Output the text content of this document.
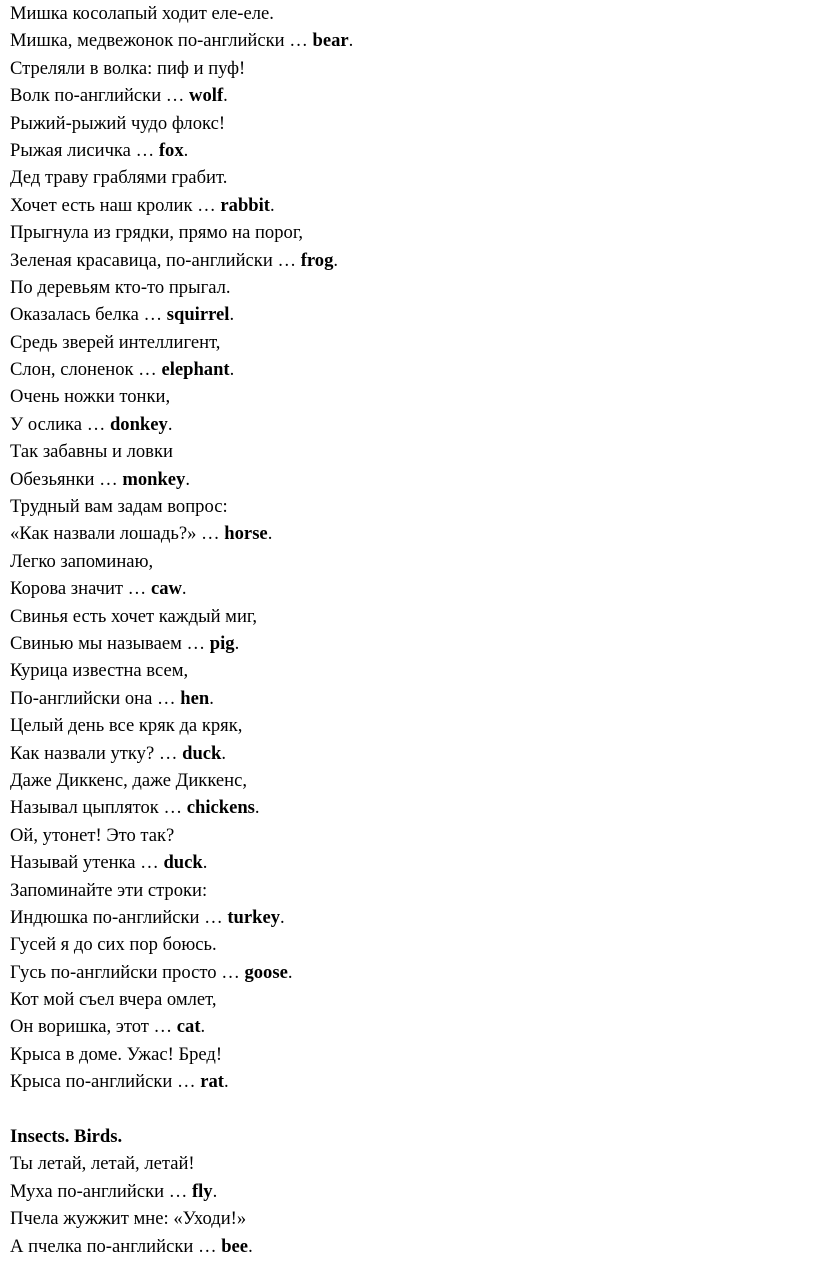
Мишка косолапый ходит еле-еле.
Мишка, медвежонок по-английски … bear.
Стреляли в волка: пиф и пуф!
Волк по-английски … wolf.
Рыжий-рыжий чудо флокс!
Рыжая лисичка … fox.
Дед траву граблями грабит.
Хочет есть наш кролик … rabbit.
Прыгнула из грядки, прямо на порог,
Зеленая красавица, по-английски … frog.
По деревьям кто-то прыгал.
Оказалась белка … squirrel.
Средь зверей интеллигент,
Слон, слоненок … elephant.
Очень ножки тонки,
У ослика … donkey.
Так забавны и ловки
Обезьянки … monkey.
Трудный вам задам вопрос:
«Как назвали лошадь?» … horse.
Легко запоминаю,
Корова значит … caw.
Свинья есть хочет каждый миг,
Свинью мы называем … pig.
Курица известна всем,
По-английски она … hen.
Целый день все кряк да кряк,
Как назвали утку? … duck.
Даже Диккенс, даже Диккенс,
Называл цыпляток … chickens.
Ой, утонет! Это так?
Называй утенка … duck.
Запоминайте эти строки:
Индюшка по-английски … turkey.
Гусей я до сих пор боюсь.
Гусь по-английски просто … goose.
Кот мой съел вчера омлет,
Он воришка, этот … cat.
Крыса в доме. Ужас! Бред!
Крыса по-английски … rat.
Insects. Birds.
Ты летай, летай, летай!
Муха по-английски … fly.
Пчела жужжит мне: «Уходи!»
А пчелка по-английски … bee.
